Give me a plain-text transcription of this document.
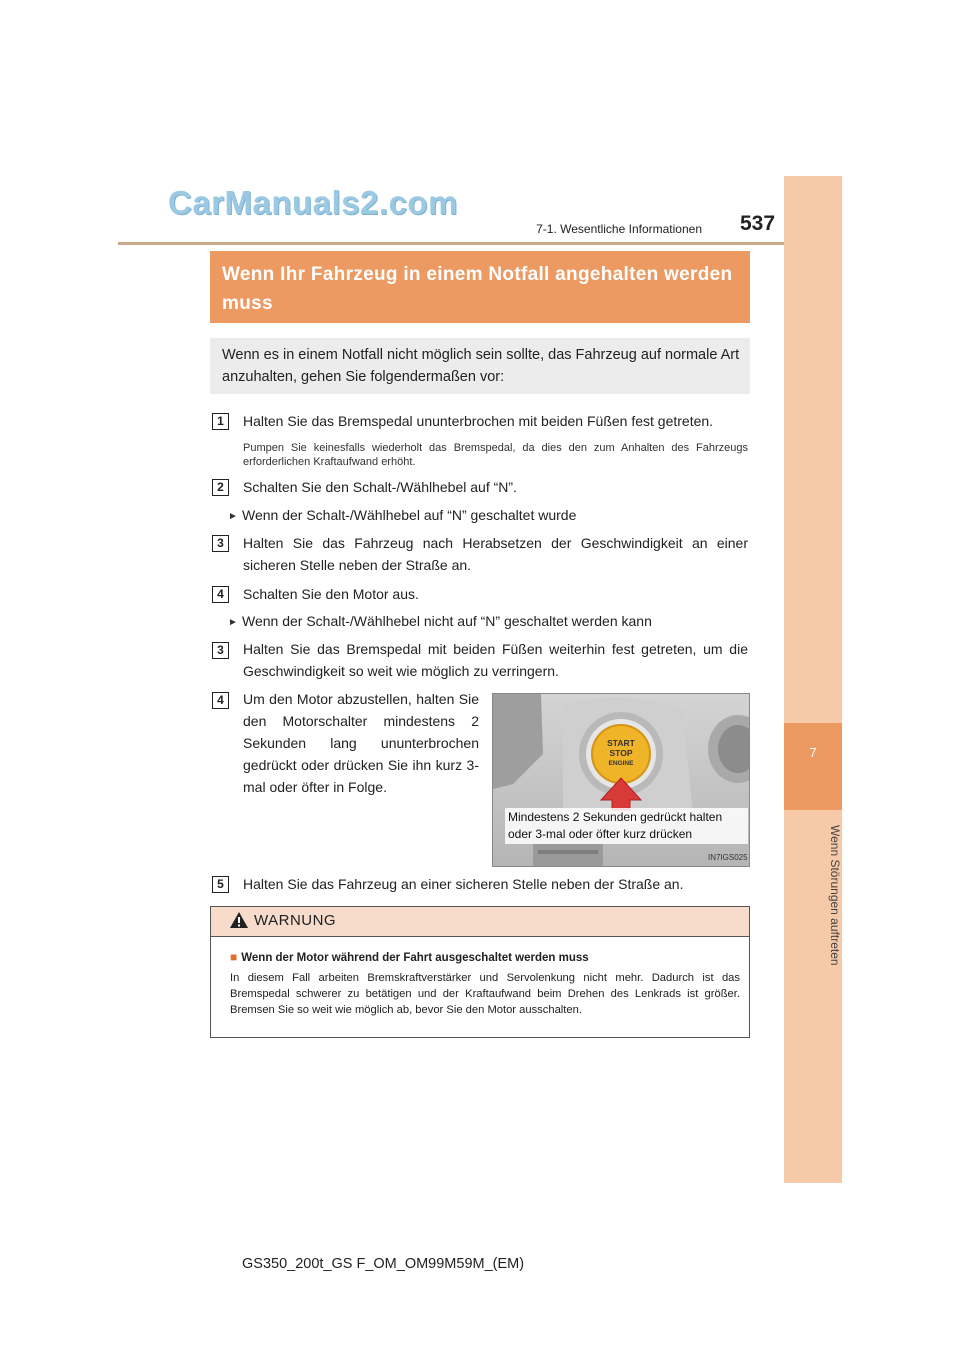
CarManuals2.com
7-1. Wesentliche Informationen 537
7
Wenn Störungen auftreten
Wenn Ihr Fahrzeug in einem Notfall angehalten werden muss
Wenn es in einem Notfall nicht möglich sein sollte, das Fahrzeug auf normale Art anzuhalten, gehen Sie folgendermaßen vor:
1	Halten Sie das Bremspedal ununterbrochen mit beiden Füßen fest getreten.
Pumpen Sie keinesfalls wiederholt das Bremspedal, da dies den zum Anhalten des Fahrzeugs erforderlichen Kraftaufwand erhöht.
2	Schalten Sie den Schalt-/Wählhebel auf “N”.
► Wenn der Schalt-/Wählhebel auf “N” geschaltet wurde
3	Halten Sie das Fahrzeug nach Herabsetzen der Geschwindigkeit an einer sicheren Stelle neben der Straße an.
4	Schalten Sie den Motor aus.
► Wenn der Schalt-/Wählhebel nicht auf “N” geschaltet werden kann
3	Halten Sie das Bremspedal mit beiden Füßen weiterhin fest getreten, um die Geschwindigkeit so weit wie möglich zu verringern.
4	Um den Motor abzustellen, halten Sie den Motorschalter mindestens 2 Sekunden lang ununterbrochen gedrückt oder drücken Sie ihn kurz 3-mal oder öfter in Folge.
START
STOP
ENGINE
Mindestens 2 Sekunden gedrückt halten oder 3-mal oder öfter kurz drücken
IN7IGS025
5	Halten Sie das Fahrzeug an einer sicheren Stelle neben der Straße an.
WARNUNG
■ Wenn der Motor während der Fahrt ausgeschaltet werden muss
In diesem Fall arbeiten Bremskraftverstärker und Servolenkung nicht mehr. Dadurch ist das Bremspedal schwerer zu betätigen und der Kraftaufwand beim Drehen des Lenkrads ist größer. Bremsen Sie so weit wie möglich ab, bevor Sie den Motor ausschalten.
GS350_200t_GS F_OM_OM99M59M_(EM)
